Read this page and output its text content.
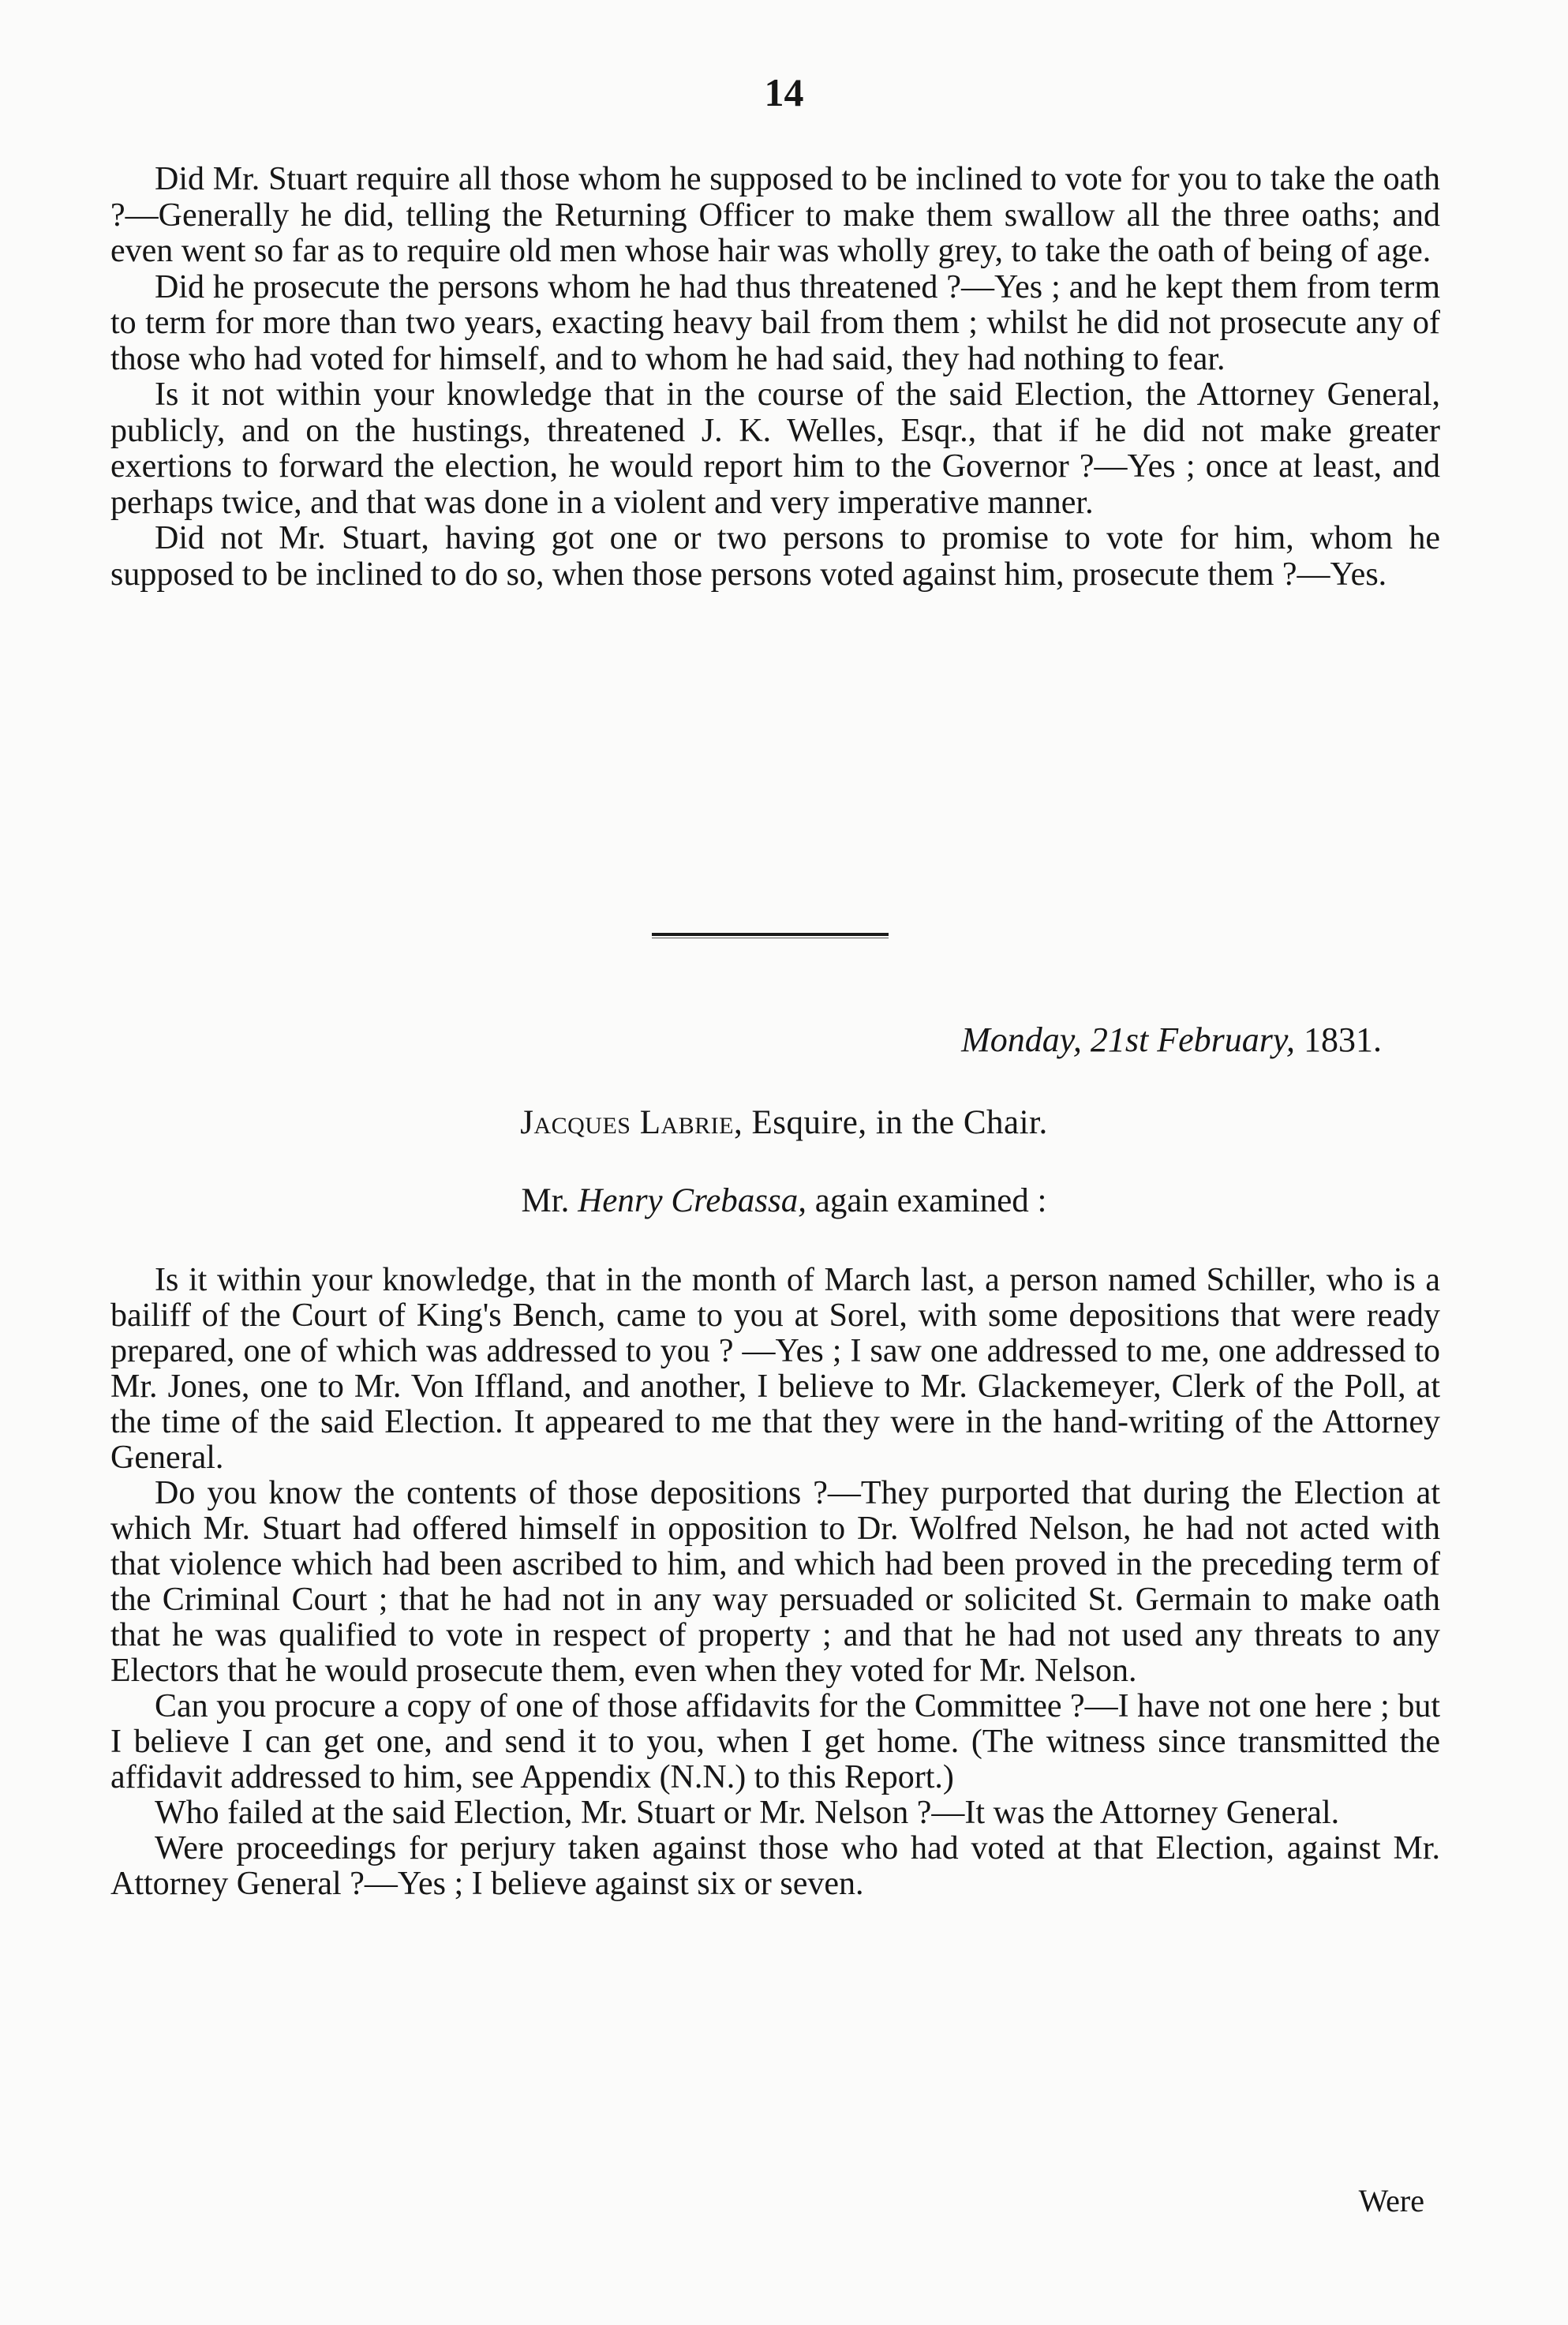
14

Did Mr. Stuart require all those whom he supposed to be inclined to vote for you to take the oath ?—Generally he did, telling the Returning Officer to make them swallow all the three oaths; and even went so far as to require old men whose hair was wholly grey, to take the oath of being of age.

Did he prosecute the persons whom he had thus threatened ?—Yes ; and he kept them from term to term for more than two years, exacting heavy bail from them ; whilst he did not prosecute any of those who had voted for himself, and to whom he had said, they had nothing to fear.

Is it not within your knowledge that in the course of the said Election, the Attorney General, publicly, and on the hustings, threatened J. K. Welles, Esqr., that if he did not make greater exertions to forward the election, he would report him to the Governor ?—Yes ; once at least, and perhaps twice, and that was done in a violent and very imperative manner.

Did not Mr. Stuart, having got one or two persons to promise to vote for him, whom he supposed to be inclined to do so, when those persons voted against him, prosecute them ?—Yes.

Monday, 21st February, 1831.
Jacques Labrie, Esquire, in the Chair.
Mr. Henry Crebassa, again examined :

Is it within your knowledge, that in the month of March last, a person named Schiller, who is a bailiff of the Court of King's Bench, came to you at Sorel, with some depositions that were ready prepared, one of which was addressed to you ? —Yes ; I saw one addressed to me, one addressed to Mr. Jones, one to Mr. Von Iffland, and another, I believe to Mr. Glackemeyer, Clerk of the Poll, at the time of the said Election. It appeared to me that they were in the hand-writing of the Attorney General.

Do you know the contents of those depositions ?—They purported that during the Election at which Mr. Stuart had offered himself in opposition to Dr. Wolfred Nelson, he had not acted with that violence which had been ascribed to him, and which had been proved in the preceding term of the Criminal Court ; that he had not in any way persuaded or solicited St. Germain to make oath that he was qualified to vote in respect of property ; and that he had not used any threats to any Electors that he would prosecute them, even when they voted for Mr. Nelson.

Can you procure a copy of one of those affidavits for the Committee ?—I have not one here ; but I believe I can get one, and send it to you, when I get home. (The witness since transmitted the affidavit addressed to him, see Appendix (N.N.) to this Report.)

Who failed at the said Election, Mr. Stuart or Mr. Nelson ?—It was the Attorney General.

Were proceedings for perjury taken against those who had voted at that Election, against Mr. Attorney General ?—Yes ; I believe against six or seven.

Were
